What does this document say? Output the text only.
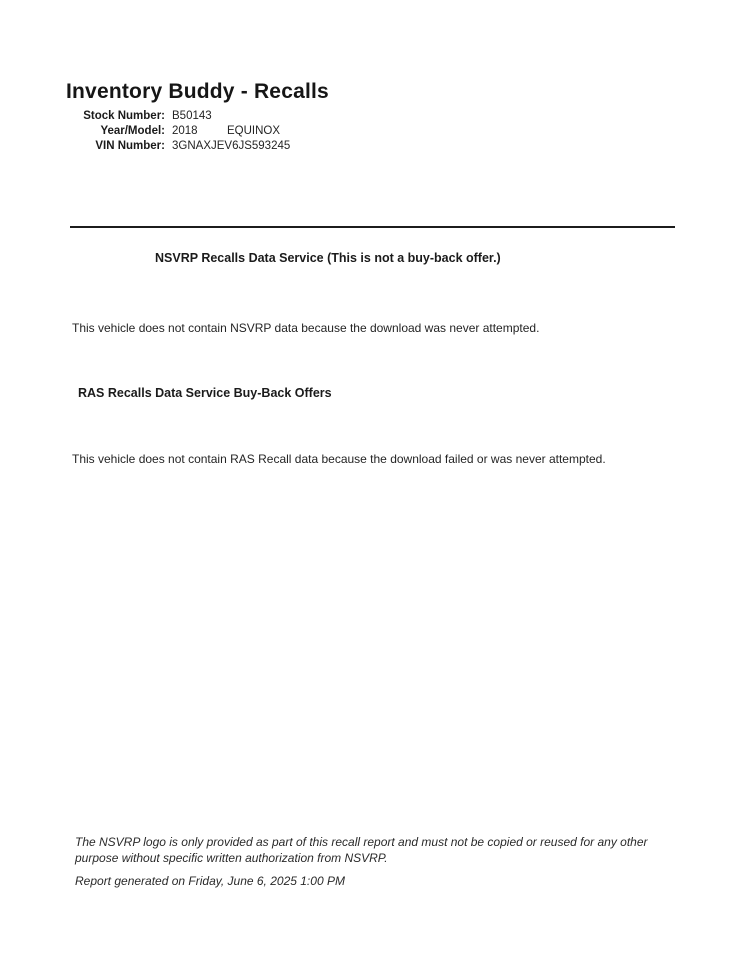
Inventory Buddy - Recalls
Stock Number: B50143
Year/Model: 2018	EQUINOX
VIN Number: 3GNAXJEV6JS593245
NSVRP Recalls Data Service (This is not a buy-back offer.)

This vehicle does not contain NSVRP data because the download was never attempted.

RAS Recalls Data Service Buy-Back Offers

This vehicle does not contain RAS Recall data because the download failed or was never attempted.

The NSVRP logo is only provided as part of this recall report and must not be copied or reused for any other purpose without specific written authorization from NSVRP.

Report generated on Friday, June 6, 2025 1:00 PM
